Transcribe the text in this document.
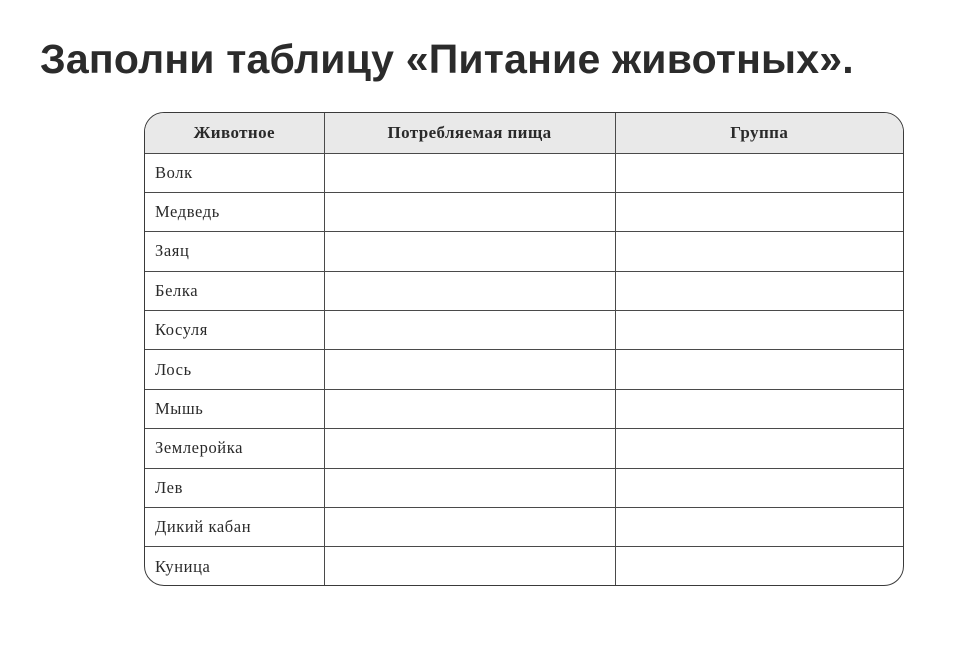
Заполни таблицу «Питание животных».
Животное	Потребляемая пища	Группа
Волк		
Медведь		
Заяц		
Белка		
Косуля		
Лось		
Мышь		
Землеройка		
Лев		
Дикий кабан		
Куница		
